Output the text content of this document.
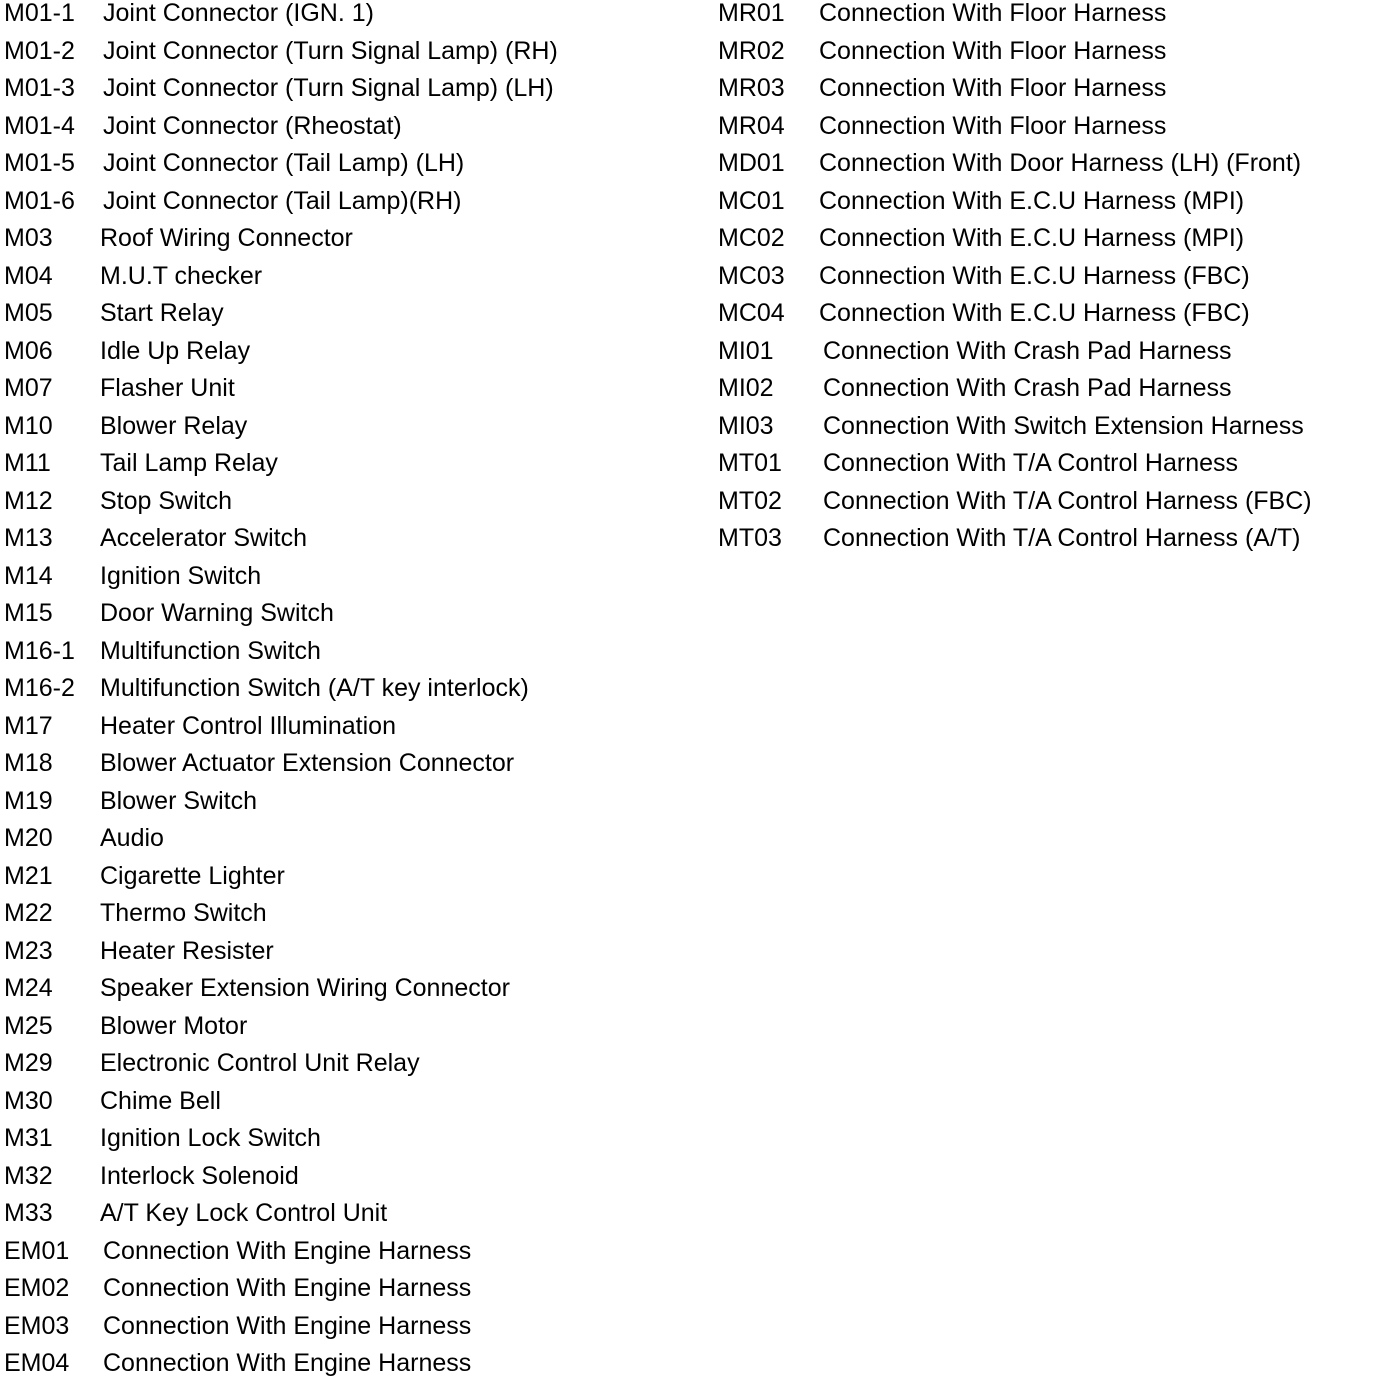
M01-1 Joint Connector (IGN. 1)
M01-2 Joint Connector (Turn Signal Lamp) (RH)
M01-3 Joint Connector (Turn Signal Lamp) (LH)
M01-4 Joint Connector (Rheostat)
M01-5 Joint Connector (Tail Lamp) (LH)
M01-6 Joint Connector (Tail Lamp)(RH)
M03 Roof Wiring Connector
M04 M.U.T checker
M05 Start Relay
M06 Idle Up Relay
M07 Flasher Unit
M10 Blower Relay
M11 Tail Lamp Relay
M12 Stop Switch
M13 Accelerator Switch
M14 Ignition Switch
M15 Door Warning Switch
M16-1 Multifunction Switch
M16-2 Multifunction Switch (A/T key interlock)
M17 Heater Control Illumination
M18 Blower Actuator Extension Connector
M19 Blower Switch
M20 Audio
M21 Cigarette Lighter
M22 Thermo Switch
M23 Heater Resister
M24 Speaker Extension Wiring Connector
M25 Blower Motor
M29 Electronic Control Unit Relay
M30 Chime Bell
M31 Ignition Lock Switch
M32 Interlock Solenoid
M33 A/T Key Lock Control Unit
EM01 Connection With Engine Harness
EM02 Connection With Engine Harness
EM03 Connection With Engine Harness
EM04 Connection With Engine Harness
MR01 Connection With Floor Harness
MR02 Connection With Floor Harness
MR03 Connection With Floor Harness
MR04 Connection With Floor Harness
MD01 Connection With Door Harness (LH) (Front)
MC01 Connection With E.C.U Harness (MPI)
MC02 Connection With E.C.U Harness (MPI)
MC03 Connection With E.C.U Harness (FBC)
MC04 Connection With E.C.U Harness (FBC)
MI01 Connection With Crash Pad Harness
MI02 Connection With Crash Pad Harness
MI03 Connection With Switch Extension Harness
MT01 Connection With T/A Control Harness
MT02 Connection With T/A Control Harness (FBC)
MT03 Connection With T/A Control Harness (A/T)
